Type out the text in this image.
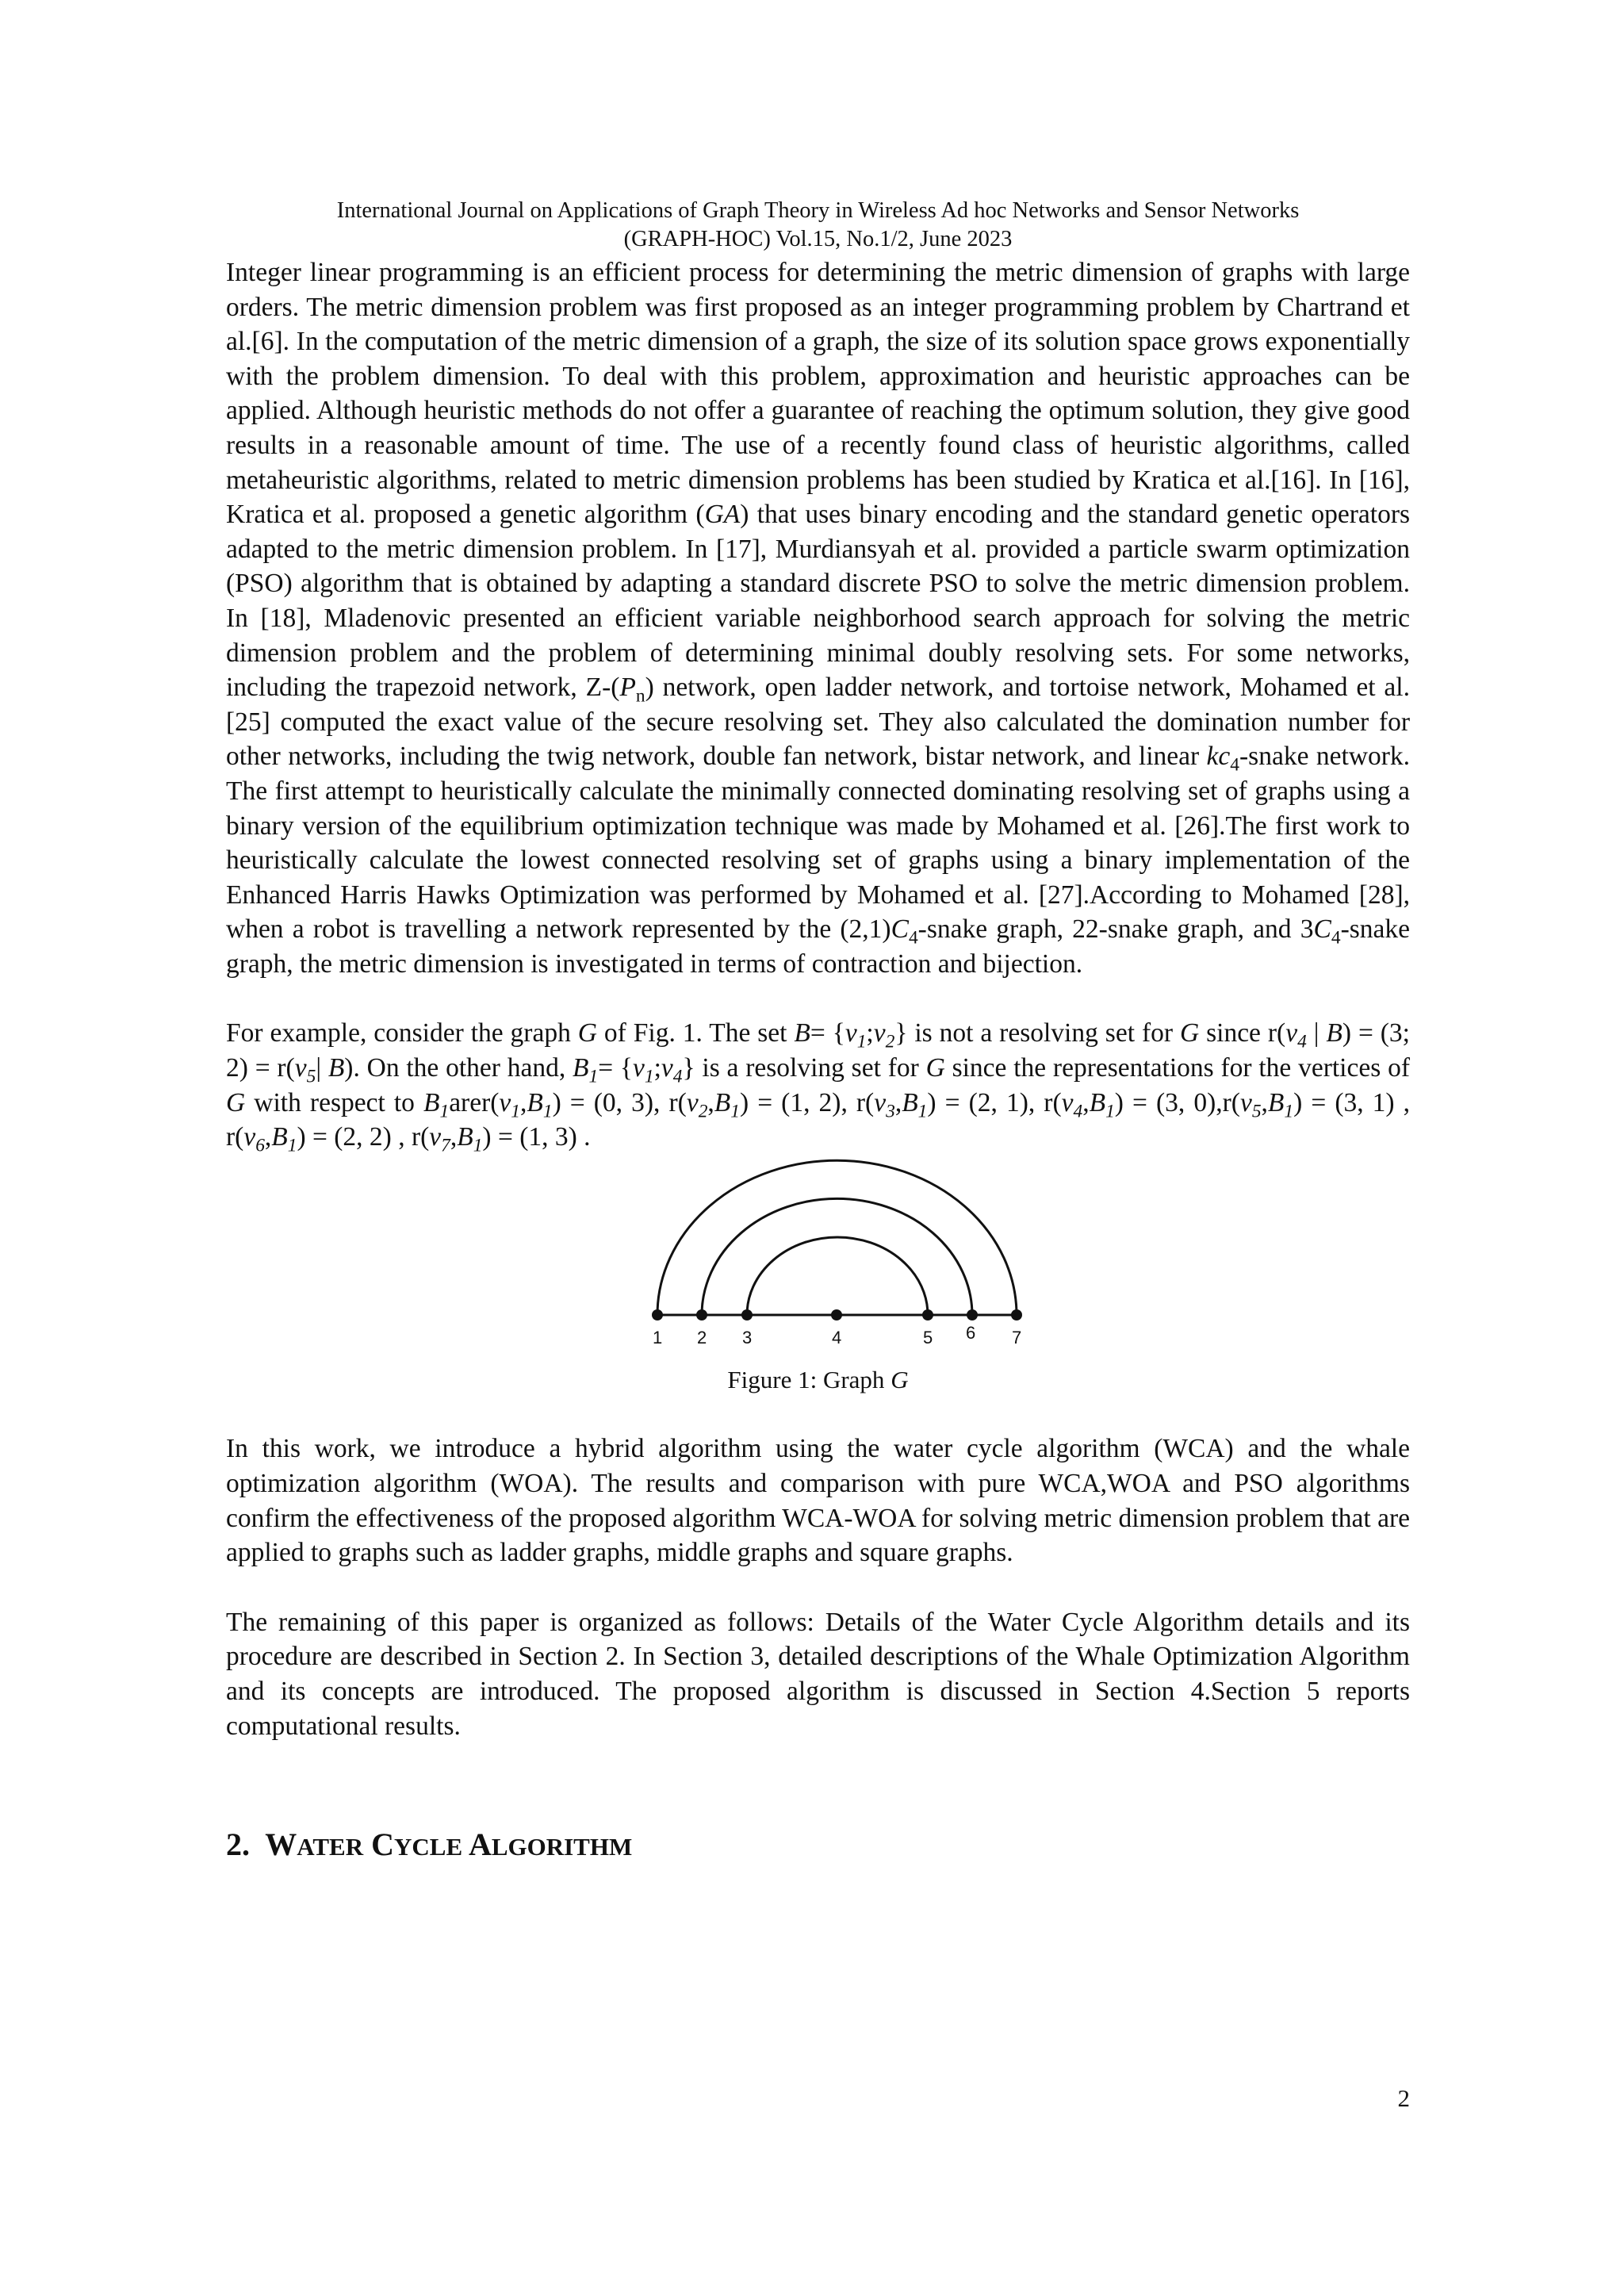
International Journal on Applications of Graph Theory in Wireless Ad hoc Networks and Sensor Networks
(GRAPH-HOC) Vol.15, No.1/2, June 2023

Integer linear programming is an efficient process for determining the metric dimension of graphs with large orders. The metric dimension problem was first proposed as an integer programming problem by Chartrand et al.[6]. In the computation of the metric dimension of a graph, the size of its solution space grows exponentially with the problem dimension. To deal with this problem, approximation and heuristic approaches can be applied. Although heuristic methods do not offer a guarantee of reaching the optimum solution, they give good results in a reasonable amount of time. The use of a recently found class of heuristic algorithms, called metaheuristic algorithms, related to metric dimension problems has been studied by Kratica et al.[16]. In [16], Kratica et al. proposed a genetic algorithm (GA) that uses binary encoding and the standard genetic operators adapted to the metric dimension problem. In [17], Murdiansyah et al. provided a particle swarm optimization (PSO) algorithm that is obtained by adapting a standard discrete PSO to solve the metric dimension problem. In [18], Mladenovic presented an efficient variable neighborhood search approach for solving the metric dimension problem and the problem of determining minimal doubly resolving sets. For some networks, including the trapezoid network, $Z-(P_n)$ network, open ladder network, and tortoise network, Mohamed et al. [25] computed the exact value of the secure resolving set. They also calculated the domination number for other networks, including the twig network, double fan network, bistar network, and linear $kc_4$-snake network. The first attempt to heuristically calculate the minimally connected dominating resolving set of graphs using a binary version of the equilibrium optimization technique was made by Mohamed et al. [26].The first work to heuristically calculate the lowest connected resolving set of graphs using a binary implementation of the Enhanced Harris Hawks Optimization was performed by Mohamed et al. [27].According to Mohamed [28], when a robot is travelling a network represented by the $(2,1)C_4$-snake graph, 22-snake graph, and $3C_4$-snake graph, the metric dimension is investigated in terms of contraction and bijection.

For example, consider the graph G of Fig. 1. The set $B= \{v_1;v_2\}$ is not a resolving set for G since $r(v_4$ | B) = (3; $2) = r(v_5|$ B). On the other hand, $B_1=$ $\{v_1;v_4\}$ is a resolving set for G since the representations for the vertices of G with respect to $B_1arer(v_1,B_1) = (0$, 3), $r(v_2,B_1) = (1$, 2), $r(v_3,B_1) = (2$, 1), $r(v_4,B_1) = (3$, $0),r(v_5,B_1) = (3$, 1) , $r(v_6,B_1) = (2$, 2) , $r(v_7,B_1) = (1$, 3) .

1 2 3	4	5 6 7

Figure 1: Graph G

In this work, we introduce a hybrid algorithm using the water cycle algorithm (WCA) and the whale optimization algorithm (WOA). The results and comparison with pure WCA,WOA and PSO algorithms confirm the effectiveness of the proposed algorithm WCA-WOA for solving metric dimension problem that are applied to graphs such as ladder graphs, middle graphs and square graphs.

The remaining of this paper is organized as follows: Details of the Water Cycle Algorithm details and its procedure are described in Section 2. In Section 3, detailed descriptions of the Whale Optimization Algorithm and its concepts are introduced. The proposed algorithm is discussed in Section 4.Section 5 reports computational results.

2. WATER CYCLE ALGORITHM
2
